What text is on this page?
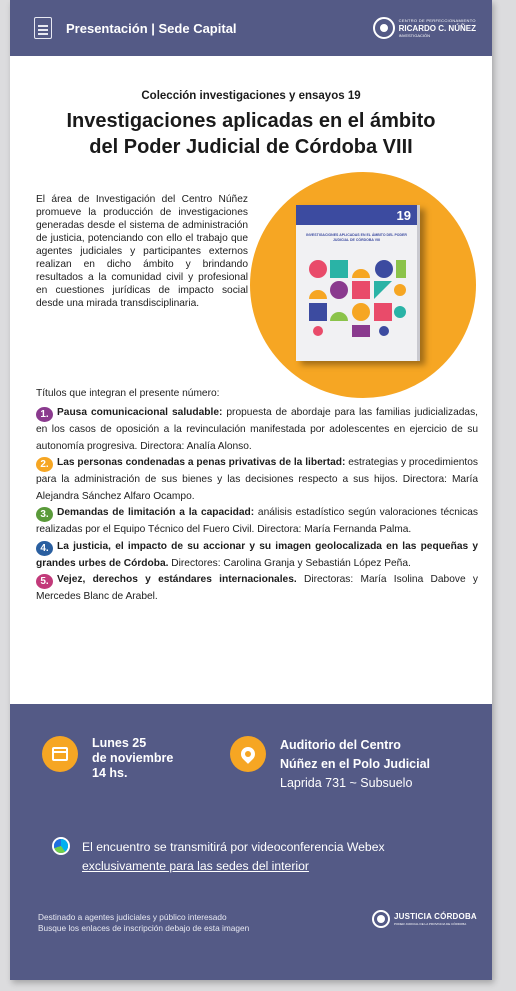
Presentación | Sede Capital
CENTRO DE PERFECCIONAMIENTO
RICARDO C. NÚÑEZ
INVESTIGACIÓN
Colección investigaciones y ensayos 19
Investigaciones aplicadas en el ámbito
del Poder Judicial de Córdoba VIII

El área de Investigación del Centro Núñez promueve la producción de investigaciones generadas desde el sistema de administración de justicia, potenciando con ello el trabajo que agentes judiciales y participantes externos realizan en dicho ámbito y brindando resultados a la comunidad civil y profesional en cuestiones jurídicas de impacto social desde una mirada transdisciplinaria.

19
INVESTIGACIONES APLICADAS EN EL ÁMBITO DEL PODER JUDICIAL DE CÓRDOBA VIII
Títulos que integran el presente número:

1. Pausa comunicacional saludable: propuesta de abordaje para las familias judicializadas, en los casos de oposición a la revinculación manifestada por adolescentes en ejercicio de su autonomía progresiva. Directora: Analía Alonso.

2. Las personas condenadas a penas privativas de la libertad: estrategias y procedimientos para la administración de sus bienes y las decisiones respecto a sus hijos. Directora: María Alejandra Sánchez Alfaro Ocampo.

3. Demandas de limitación a la capacidad: análisis estadístico según valoraciones técnicas realizadas por el Equipo Técnico del Fuero Civil. Directora: María Fernanda Palma.

4. La justicia, el impacto de su accionar y su imagen geolocalizada en las pequeñas y grandes urbes de Córdoba. Directores: Carolina Granja y Sebastián López Peña.

5. Vejez, derechos y estándares internacionales. Directoras: María Isolina Dabove y Mercedes Blanc de Arabel.

Lunes 25
de noviembre
14 hs.
Auditorio del Centro
Núñez en el Polo Judicial
Laprida 731 ~ Subsuelo
El encuentro se transmitirá por videoconferencia Webex
exclusivamente para las sedes del interior
Destinado a agentes judiciales y público interesado
Busque los enlaces de inscripción debajo de esta imagen
JUSTICIA CÓRDOBA
PODER JUDICIAL DE LA PROVINCIA DE CÓRDOBA
